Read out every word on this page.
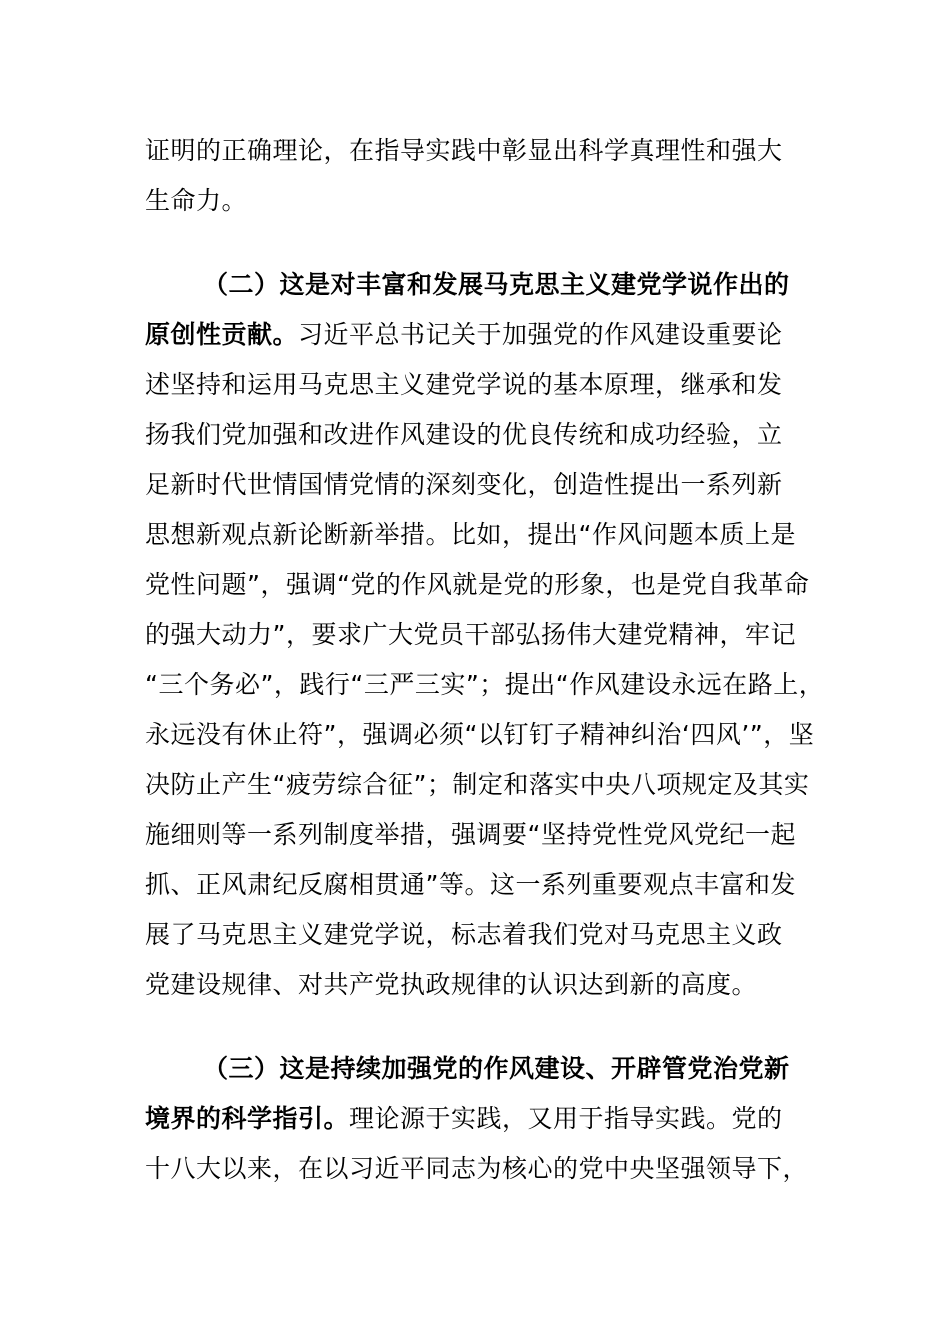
证明的正确理论，在指导实践中彰显出科学真理性和强大
生命力。
（二）这是对丰富和发展马克思主义建党学说作出的
原创性贡献。习近平总书记关于加强党的作风建设重要论
述坚持和运用马克思主义建党学说的基本原理，继承和发
扬我们党加强和改进作风建设的优良传统和成功经验，立
足新时代世情国情党情的深刻变化，创造性提出一系列新
思想新观点新论断新举措。比如，提出“作风问题本质上是
党性问题”，强调“党的作风就是党的形象，也是党自我革命
的强大动力”，要求广大党员干部弘扬伟大建党精神，牢记
“三个务必”，践行“三严三实”；提出“作风建设永远在路上，
永远没有休止符”，强调必须“以钉钉子精神纠治‘四风’”，坚
决防止产生“疲劳综合征”；制定和落实中央八项规定及其实
施细则等一系列制度举措，强调要“坚持党性党风党纪一起
抓、正风肃纪反腐相贯通”等。这一系列重要观点丰富和发
展了马克思主义建党学说，标志着我们党对马克思主义政
党建设规律、对共产党执政规律的认识达到新的高度。
（三）这是持续加强党的作风建设、开辟管党治党新
境界的科学指引。理论源于实践，又用于指导实践。党的
十八大以来，在以习近平同志为核心的党中央坚强领导下，
